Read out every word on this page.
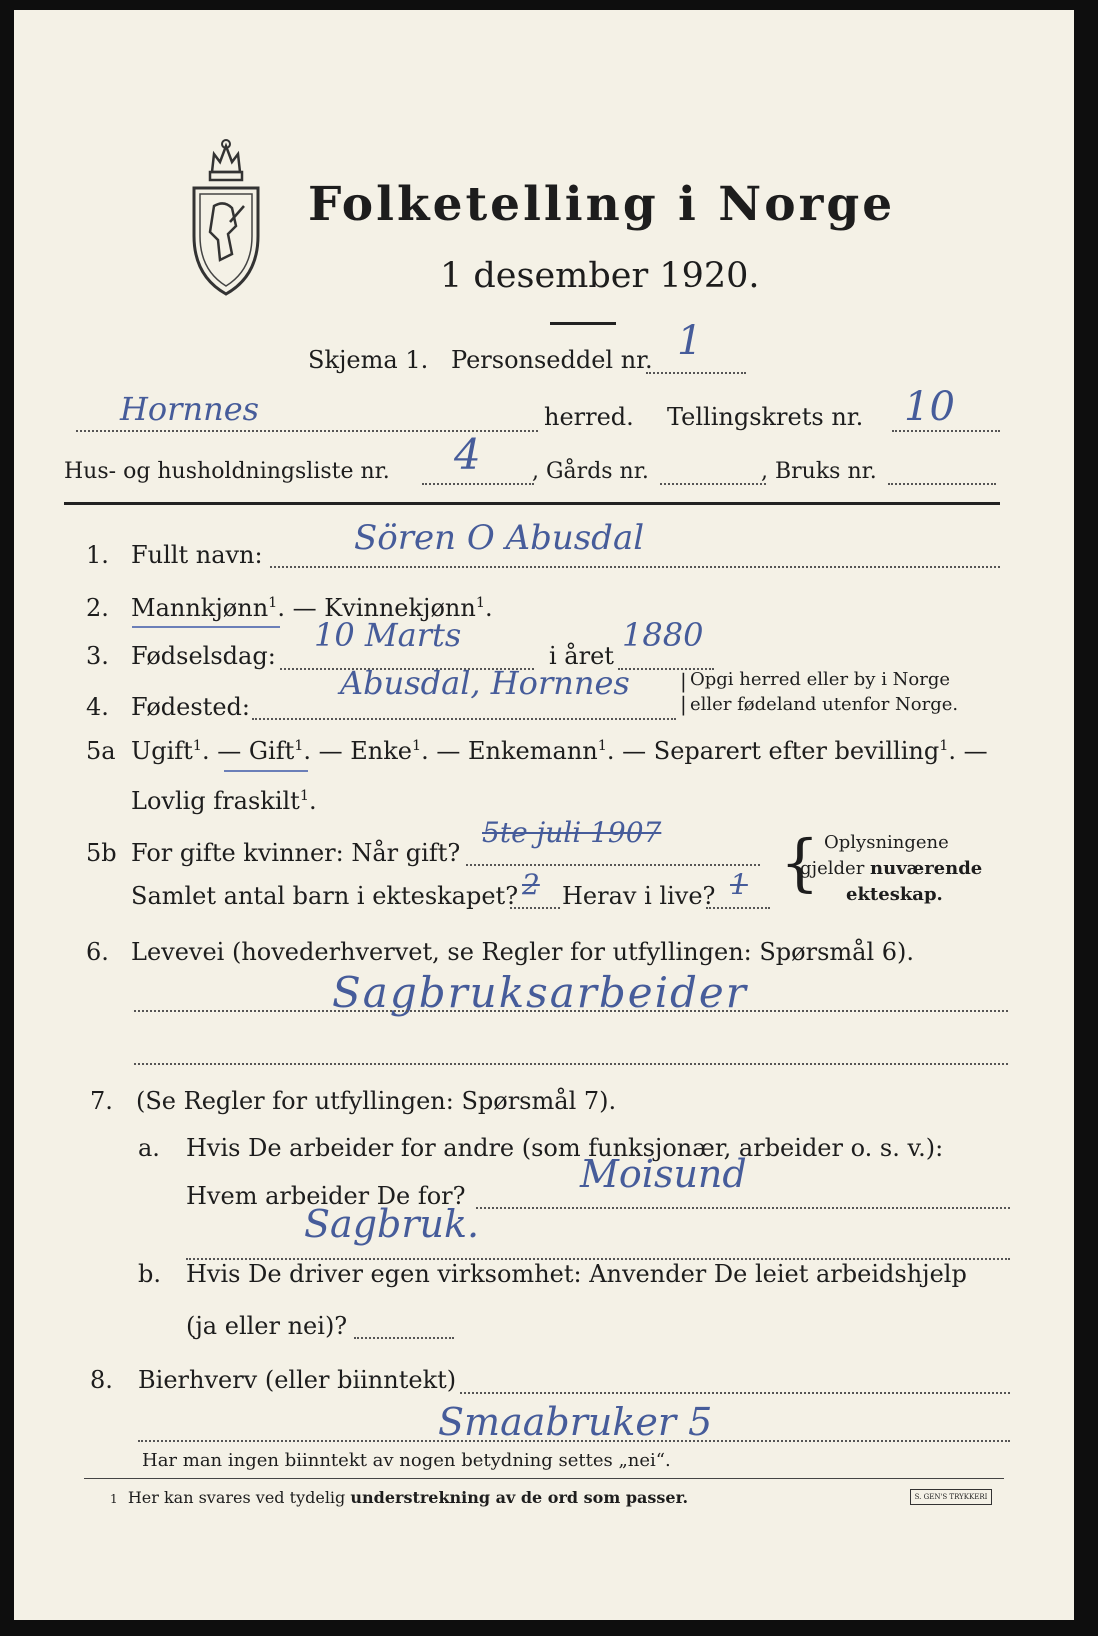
Folketelling i Norge
1 desember 1920.
Skjema 1. Personseddel nr. 1
Hornnes	herred. Tellingskrets nr. 10
Hus- og husholdningsliste nr. 4 , Gårds nr.	, Bruks nr.
1. Fullt navn:	Sören O Abusdal
2. Mannkjønn$^1$. — Kvinnekjønn$^1$.
3. Fødselsdag:
10 Marts
i året
1880
4. Fødested:
Abusdal, Hornnes	|
|
Opgi herred eller by i Norge
eller fødeland utenfor Norge.
5a Ugift$^1$. — Gift$^1$. — Enke$^1$. — Enkemann$^1$. — Separert efter bevilling$^1$. —
Lovlig fraskilt$^1$.
5b For gifte kvinner: Når gift?
5te juli 1907
Samlet antal barn i ekteskapet? 2 Herav i live? 1 { Oplysningene
gjelder nuværende
ekteskap.
6. Levevei (hovederhvervet, se Regler for utfyllingen: Spørsmål 6).
Sagbruksarbeider
7. (Se Regler for utfyllingen: Spørsmål 7).
a. Hvis De arbeider for andre (som funksjonær, arbeider o. s. v.):
Hvem arbeider De for?	Moisund
Sagbruk.
b. Hvis De driver egen virksomhet: Anvender De leiet arbeidshjelp
(ja eller nei)?
8. Bierhverv (eller biinntekt)
Smaabruker 5
Har man ingen biinntekt av nogen betydning settes „nei“.
1 Her kan svares ved tydelig understrekning av de ord som passer.	S. GEN'S TRYKKERI
